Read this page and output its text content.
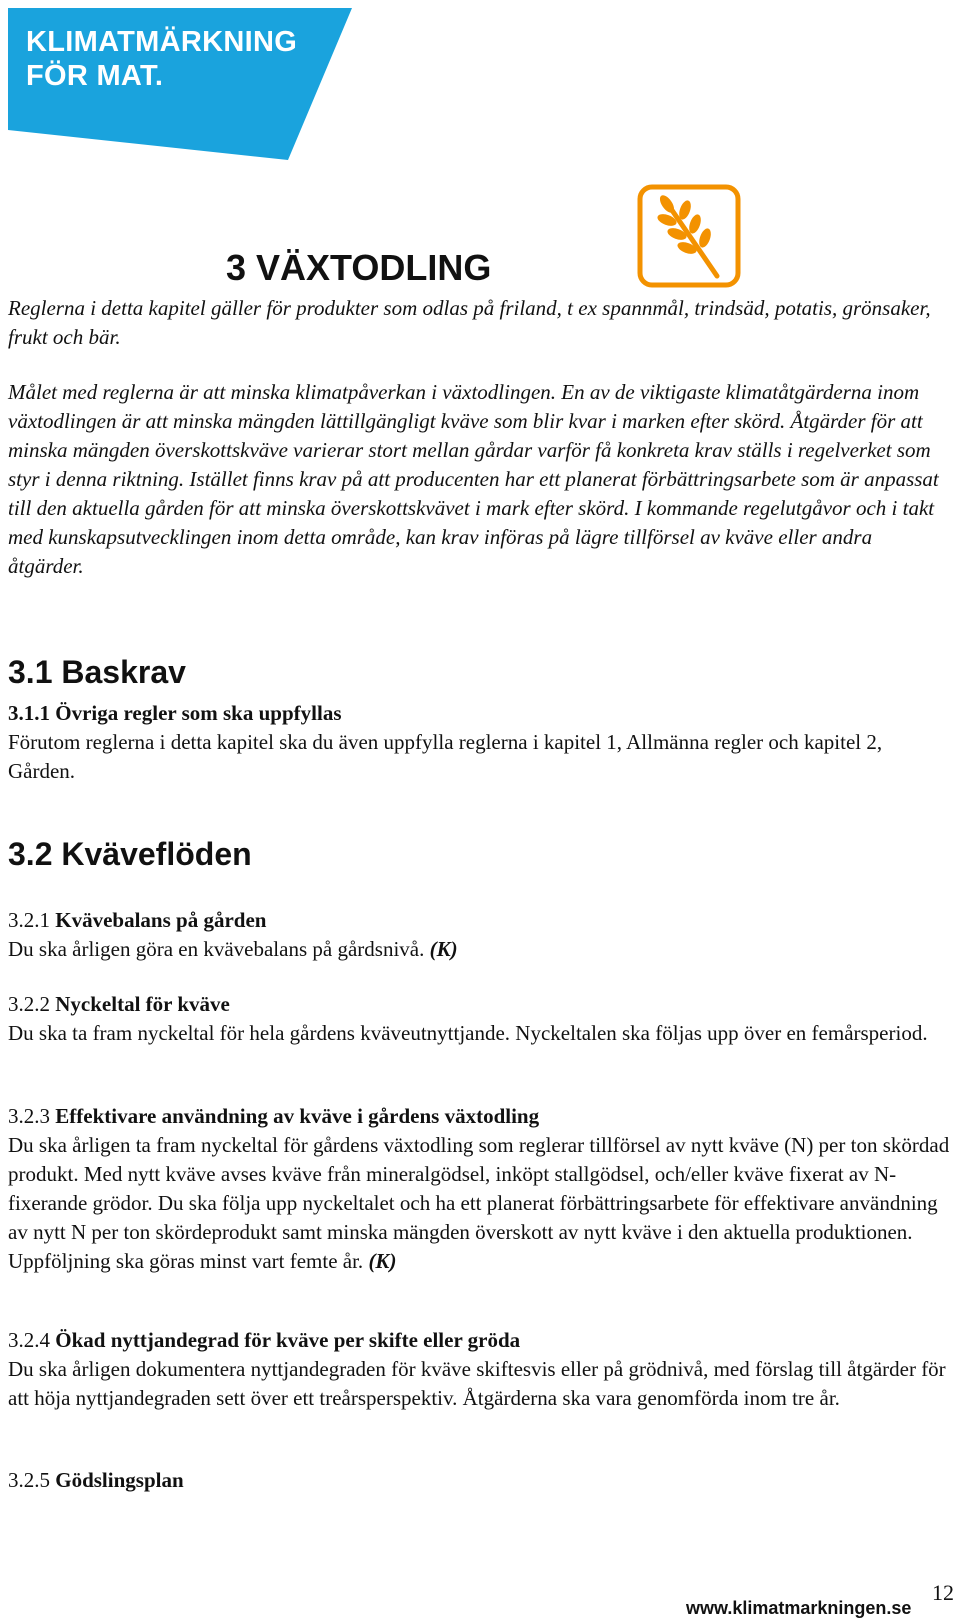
KLIMATMÄRKNING
FÖR MAT.
3 VÄXTODLING

Reglerna i detta kapitel gäller för produkter som odlas på friland, t ex spannmål, trindsäd, potatis, grönsaker, frukt och bär.

Målet med reglerna är att minska klimatpåverkan i växtodlingen. En av de viktigaste klimatåtgärderna inom växtodlingen är att minska mängden lättillgängligt kväve som blir kvar i marken efter skörd. Åtgärder för att minska mängden överskottskväve varierar stort mellan gårdar varför få konkreta krav ställs i regelverket som styr i denna riktning. Istället finns krav på att producenten har ett planerat förbättringsarbete som är anpassat till den aktuella gården för att minska överskottskvävet i mark efter skörd. I kommande regelutgåvor och i takt med kunskapsutvecklingen inom detta område, kan krav införas på lägre tillförsel av kväve eller andra åtgärder.

3.1 Baskrav
3.1.1 Övriga regler som ska uppfyllas

Förutom reglerna i detta kapitel ska du även uppfylla reglerna i kapitel 1, Allmänna regler och kapitel 2, Gården.

3.2 Kväveflöden
3.2.1 Kvävebalans på gården

Du ska årligen göra en kvävebalans på gårdsnivå. (K)

3.2.2 Nyckeltal för kväve

Du ska ta fram nyckeltal för hela gårdens kväveutnyttjande. Nyckeltalen ska följas upp över en femårsperiod.

3.2.3 Effektivare användning av kväve i gårdens växtodling

Du ska årligen ta fram nyckeltal för gårdens växtodling som reglerar tillförsel av nytt kväve (N) per ton skördad produkt. Med nytt kväve avses kväve från mineralgödsel, inköpt stallgödsel, och/eller kväve fixerat av N-fixerande grödor. Du ska följa upp nyckeltalet och ha ett planerat förbättringsarbete för effektivare användning av nytt N per ton skördeprodukt samt minska mängden överskott av nytt kväve i den aktuella produktionen. Uppföljning ska göras minst vart femte år. (K)

3.2.4 Ökad nyttjandegrad för kväve per skifte eller gröda

Du ska årligen dokumentera nyttjandegraden för kväve skiftesvis eller på grödnivå, med förslag till åtgärder för att höja nyttjandegraden sett över ett treårsperspektiv. Åtgärderna ska vara genomförda inom tre år.

3.2.5 Gödslingsplan
12
www.klimatmarkningen.se
